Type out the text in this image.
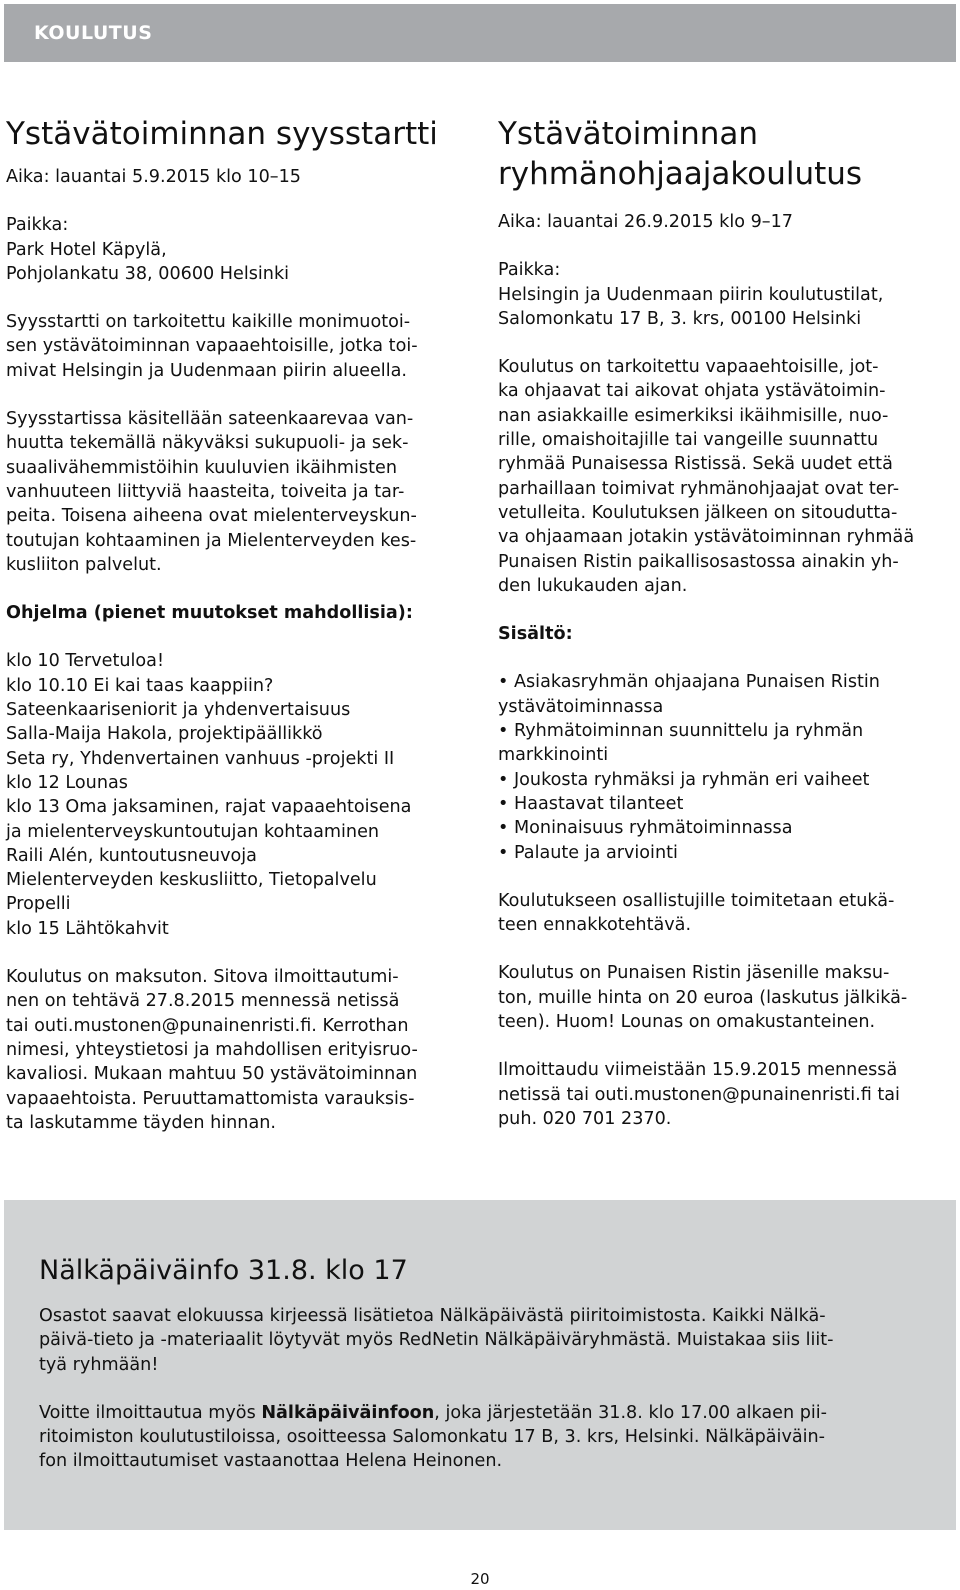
KOULUTUS
Ystävätoiminnan syysstartti
Aika: lauantai 5.9.2015 klo 10–15
Paikka:
Park Hotel Käpylä,
Pohjolankatu 38, 00600 Helsinki
Syysstartti on tarkoitettu kaikille monimuotoi-
sen ystävätoiminnan vapaaehtoisille, jotka toi-
mivat Helsingin ja Uudenmaan piirin alueella.
Syysstartissa käsitellään sateenkaarevaa van-
huutta tekemällä näkyväksi sukupuoli- ja sek-
suaalivähemmistöihin kuuluvien ikäihmisten
vanhuuteen liittyviä haasteita, toiveita ja tar-
peita. Toisena aiheena ovat mielenterveyskun-
toutujan kohtaaminen ja Mielenterveyden kes-
kusliiton palvelut.
Ohjelma (pienet muutokset mahdollisia):
klo 10 Tervetuloa!
klo 10.10 Ei kai taas kaappiin?
Sateenkaariseniorit ja yhdenvertaisuus
Salla-Maija Hakola, projektipäällikkö
Seta ry, Yhdenvertainen vanhuus -projekti II
klo 12 Lounas
klo 13 Oma jaksaminen, rajat vapaaehtoisena
ja mielenterveyskuntoutujan kohtaaminen
Raili Alén, kuntoutusneuvoja
Mielenterveyden keskusliitto, Tietopalvelu
Propelli
klo 15 Lähtökahvit
Koulutus on maksuton. Sitova ilmoittautumi-
nen on tehtävä 27.8.2015 mennessä netissä
tai outi.mustonen@punainenristi.fi. Kerrothan
nimesi, yhteystietosi ja mahdollisen erityisruo-
kavaliosi. Mukaan mahtuu 50 ystävätoiminnan
vapaaehtoista. Peruuttamattomista varauksis-
ta laskutamme täyden hinnan.
Ystävätoiminnan
ryhmänohjaajakoulutus
Aika: lauantai 26.9.2015 klo 9–17
Paikka:
Helsingin ja Uudenmaan piirin koulutustilat,
Salomonkatu 17 B, 3. krs, 00100 Helsinki
Koulutus on tarkoitettu vapaaehtoisille, jot-
ka ohjaavat tai aikovat ohjata ystävätoimin-
nan asiakkaille esimerkiksi ikäihmisille, nuo-
rille, omaishoitajille tai vangeille suunnattu
ryhmää Punaisessa Ristissä. Sekä uudet että
parhaillaan toimivat ryhmänohjaajat ovat ter-
vetulleita. Koulutuksen jälkeen on sitoudutta-
va ohjaamaan jotakin ystävätoiminnan ryhmää
Punaisen Ristin paikallisosastossa ainakin yh-
den lukukauden ajan.
Sisältö:
• Asiakasryhmän ohjaajana Punaisen Ristin
ystävätoiminnassa
• Ryhmätoiminnan suunnittelu ja ryhmän
markkinointi
• Joukosta ryhmäksi ja ryhmän eri vaiheet
• Haastavat tilanteet
• Moninaisuus ryhmätoiminnassa
• Palaute ja arviointi
Koulutukseen osallistujille toimitetaan etukä-
teen ennakkotehtävä.
Koulutus on Punaisen Ristin jäsenille maksu-
ton, muille hinta on 20 euroa (laskutus jälkikä-
teen). Huom! Lounas on omakustanteinen.
Ilmoittaudu viimeistään 15.9.2015 mennessä
netissä tai outi.mustonen@punainenristi.fi tai
puh. 020 701 2370.
Nälkäpäiväinfo 31.8. klo 17
Osastot saavat elokuussa kirjeessä lisätietoa Nälkäpäivästä piiritoimistosta. Kaikki Nälkä-
päivä-tieto ja -materiaalit löytyvät myös RedNetin Nälkäpäiväryhmästä. Muistakaa siis liit-
tyä ryhmään!
Voitte ilmoittautua myös Nälkäpäiväinfoon, joka järjestetään 31.8. klo 17.00 alkaen pii-
ritoimiston koulutustiloissa, osoitteessa Salomonkatu 17 B, 3. krs, Helsinki. Nälkäpäiväin-
fon ilmoittautumiset vastaanottaa Helena Heinonen.
20
